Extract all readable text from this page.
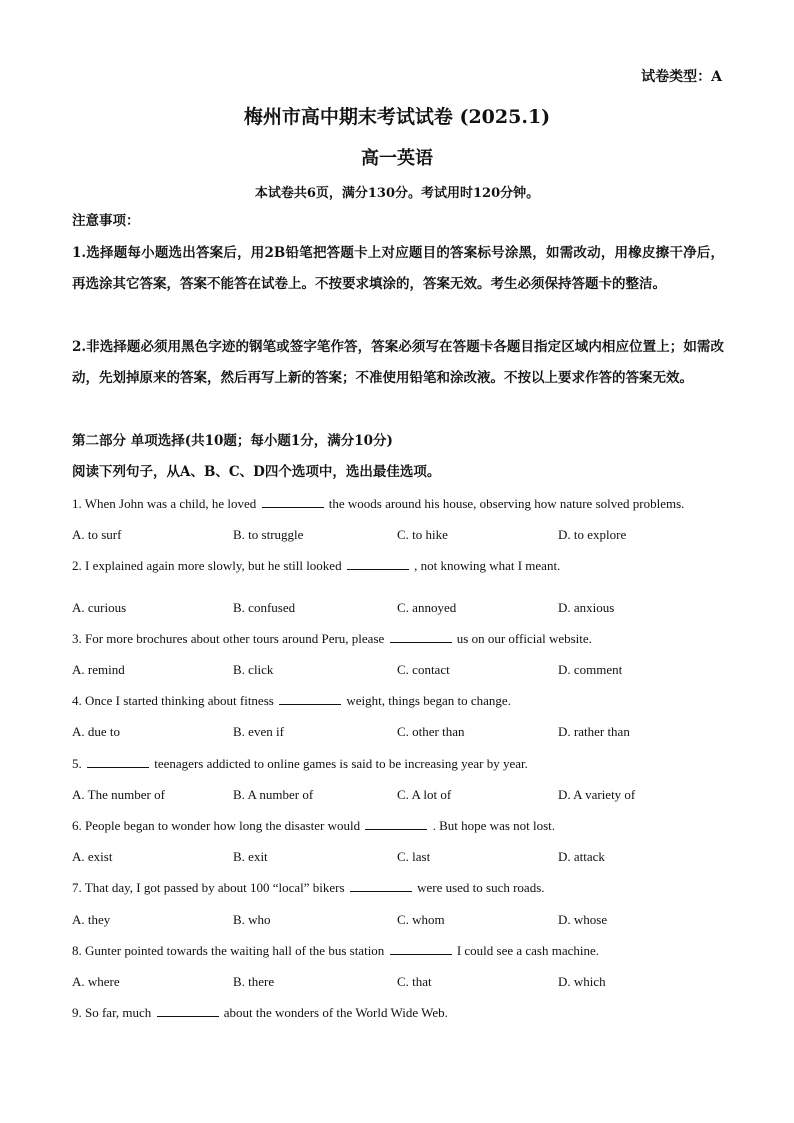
试卷类型：A
梅州市高中期末考试试卷 (2025.1)
高一英语
本试卷共6页，满分130分。考试用时120分钟。
注意事项：
1.选择题每小题选出答案后，用2B铅笔把答题卡上对应题目的答案标号涂黑，如需改动，用橡皮擦干净后，再选涂其它答案，答案不能答在试卷上。不按要求填涂的，答案无效。考生必须保持答题卡的整洁。
2.非选择题必须用黑色字迹的钢笔或签字笔作答，答案必须写在答题卡各题目指定区域内相应位置上；如需改动，先划掉原来的答案，然后再写上新的答案；不准使用铅笔和涂改液。不按以上要求作答的答案无效。
第二部分 单项选择(共10题；每小题1分，满分10分)
阅读下列句子，从A、B、C、D四个选项中，选出最佳选项。
1. When John was a child, he loved	the woods around his house, observing how nature solved problems.
A. to surf	B. to struggle	C. to hike	D. to explore
2. I explained again more slowly, but he still looked	, not knowing what I meant.
A. curious	B. confused	C. annoyed	D. anxious
3. For more brochures about other tours around Peru, please	us on our official website.
A. remind	B. click	C. contact	D. comment
4. Once I started thinking about fitness	weight, things began to change.
A. due to	B. even if	C. other than	D. rather than
5.	teenagers addicted to online games is said to be increasing year by year.
A. The number of	B. A number of	C. A lot of	D. A variety of
6. People began to wonder how long the disaster would	. But hope was not lost.
A. exist	B. exit	C. last	D. attack
7. That day, I got passed by about 100 “local” bikers	were used to such roads.
A. they	B. who	C. whom	D. whose
8. Gunter pointed towards the waiting hall of the bus station	I could see a cash machine.
A. where	B. there	C. that	D. which
9. So far, much	about the wonders of the World Wide Web.
